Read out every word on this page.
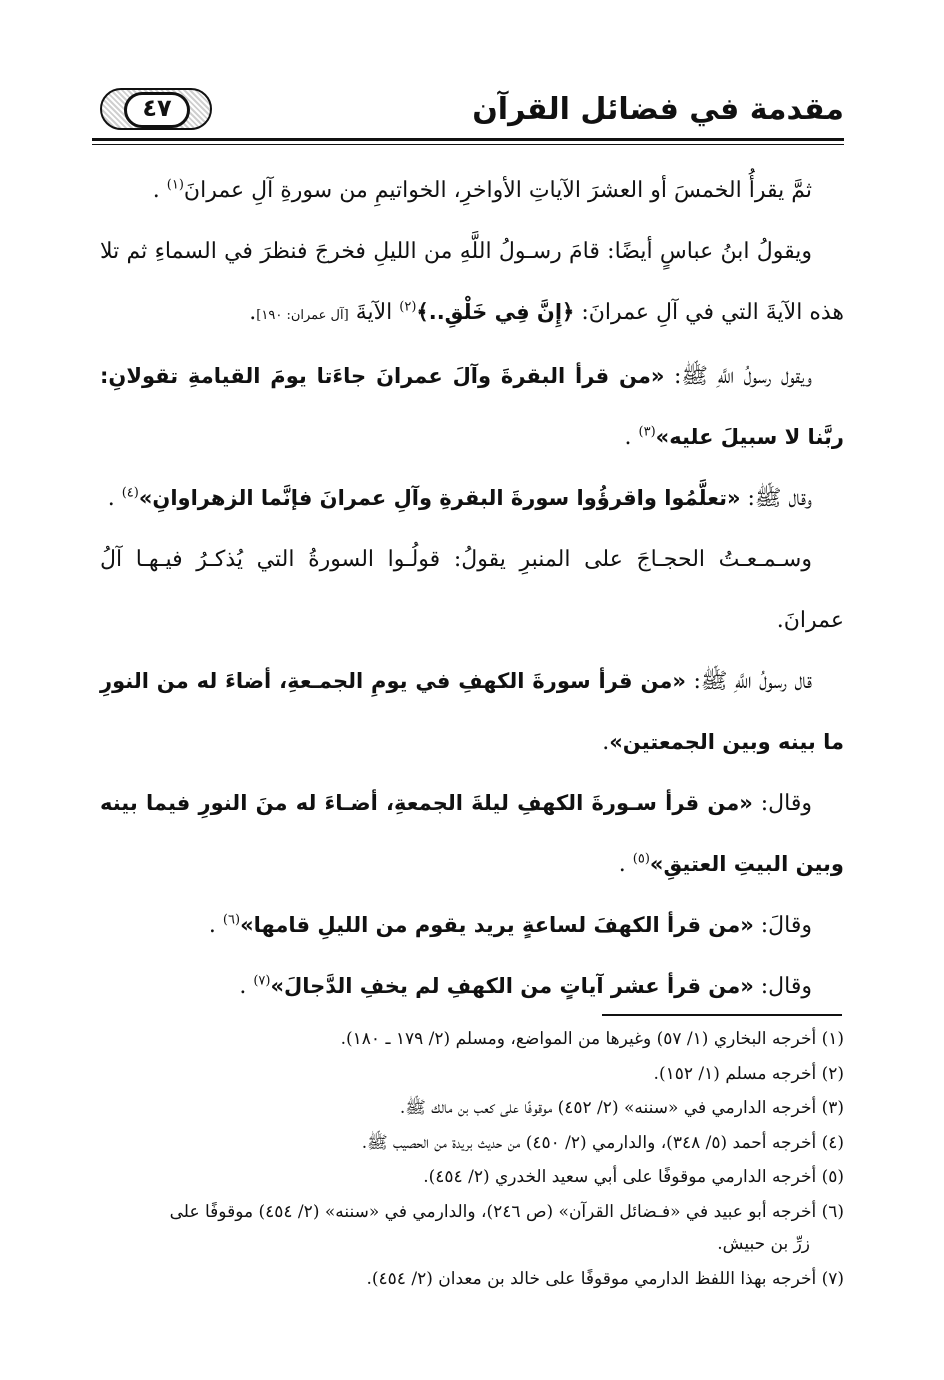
مقدمة في فضائل القرآن
٤٧

ثمَّ يقرأُ الخمسَ أو العشرَ الآياتِ الأواخرِ، الخواتيمِ من سورةِ آلِ عمرانَ$^{(١)}$ .

ويقولُ ابنُ عباسٍ أيضًا: قامَ رسـولُ اللَّهِ من الليلِ فخرجَ فنظرَ في السماءِ ثم تلا هذه الآيةَ التي في آلِ عمرانَ: ﴿إِنَّ فِي خَلْقِ..﴾$^{(٢)}$ الآيةَ [آل عمران: ١٩٠].

ويقول رسولُ اللَّهِ ﷺ: «من قرأ البقرةَ وآلَ عمرانَ جاءَتا يومَ القيامةِ تقولانِ: ربَّنا لا سبيلَ عليه»$^{(٣)}$ .

وقال ﷺ: «تعلَّمُوا واقرؤُوا سورةَ البقرةِ وآلِ عمرانَ فإنَّما الزهراوانِ»$^{(٤)}$ .

وسـمـعـتُ الحجـاجَ على المنبرِ يقولُ: قولُـوا السورةُ التي يُذكـرُ فيـهـا آلُ عمرانَ.

قال رسولُ اللَّهِ ﷺ: «من قرأ سورةَ الكهفِ في يومِ الجمـعةِ، أضاءَ له من النورِ ما بينه وبين الجمعتين».

وقال: «من قرأ سـورةَ الكهفِ ليلةَ الجمعةِ، أضـاءَ له منَ النورِ فيما بينه وبين البيتِ العتيقِ»$^{(٥)}$ .

وقالَ: «من قرأ الكهفَ لساعةٍ يريد يقوم من الليلِ قامها»$^{(٦)}$ .

وقال: «من قرأ عشر آياتٍ من الكهفِ لم يخفِ الدَّجالَ»$^{(٧)}$ .

(١) أخرجه البخاري (١/ ٥٧) وغيرها من المواضع، ومسلم (٢/ ١٧٩ ـ ١٨٠).

(٢) أخرجه مسلم (١/ ١٥٢).

(٣) أخرجه الدارمي في «سننه» (٢/ ٤٥٢) موقوفًا على كعب بن مالك ﷺ.

(٤) أخرجه أحمد (٥/ ٣٤٨)، والدارمي (٢/ ٤٥٠) من حديث بريدة من الحصيب ﷺ.

(٥) أخرجه الدارمي موقوفًا على أبي سعيد الخدري (٢/ ٤٥٤).

(٦) أخرجه أبو عبيد في «فـضائل القرآن» (ص ٢٤٦)، والدارمي في «سننه» (٢/ ٤٥٤) موقوفًا على

زرِّ بن حبيش.

(٧) أخرجه بهذا اللفظ الدارمي موقوفًا على خالد بن معدان (٢/ ٤٥٤).
